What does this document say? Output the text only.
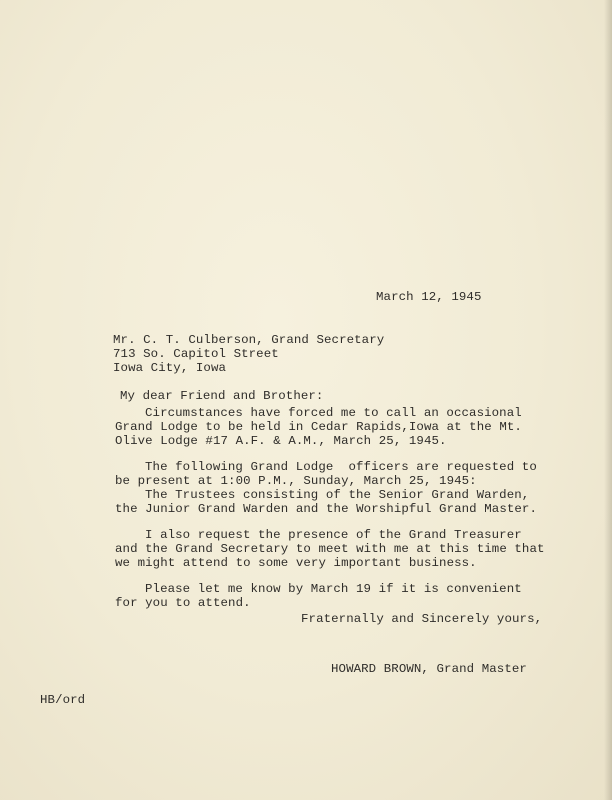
March 12, 1945
Mr. C. T. Culberson, Grand Secretary
713 So. Capitol Street
Iowa City, Iowa
My dear Friend and Brother:
Circumstances have forced me to call an occasional
Grand Lodge to be held in Cedar Rapids,Iowa at the Mt.
Olive Lodge #17 A.F. & A.M., March 25, 1945.
The following Grand Lodge  officers are requested to
be present at 1:00 P.M., Sunday, March 25, 1945:
The Trustees consisting of the Senior Grand Warden,
the Junior Grand Warden and the Worshipful Grand Master.
I also request the presence of the Grand Treasurer
and the Grand Secretary to meet with me at this time that
we might attend to some very important business.
Please let me know by March 19 if it is convenient
for you to attend.
Fraternally and Sincerely yours,
HOWARD BROWN, Grand Master
HB/ord
